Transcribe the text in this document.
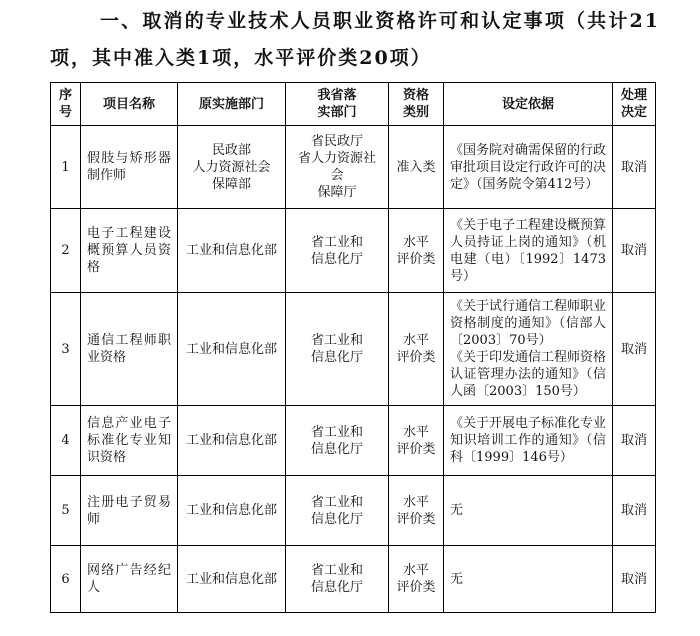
一、取消的专业技术人员职业资格许可和认定事项（共计21项，其中准入类1项，水平评价类20项）

序号	项目名称	原实施部门	我省落实部门	资格类别	设定依据	处理决定
1	假肢与矫形器制作师	民政部
人力资源社会
保障部	省民政厅
省人力资源社会
保障厅	准入类	《国务院对确需保留的行政审批项目设定行政许可的决定》（国务院令第412号）	取消
2	电子工程建设概预算人员资格	工业和信息化部	省工业和
信息化厅	水平
评价类	《关于电子工程建设概预算人员持证上岗的通知》（机电建（电）〔1992〕1473号）	取消
3	通信工程师职业资格	工业和信息化部	省工业和
信息化厅	水平
评价类	《关于试行通信工程师职业资格制度的通知》（信部人〔2003〕70号）
《关于印发通信工程师资格认证管理办法的通知》（信人函〔2003〕150号）	取消
4	信息产业电子标准化专业知识资格	工业和信息化部	省工业和
信息化厅	水平
评价类	《关于开展电子标准化专业知识培训工作的通知》（信科〔1999〕146号）	取消
5	注册电子贸易师	工业和信息化部	省工业和
信息化厅	水平
评价类	无	取消
6	网络广告经纪人	工业和信息化部	省工业和
信息化厅	水平
评价类	无	取消
